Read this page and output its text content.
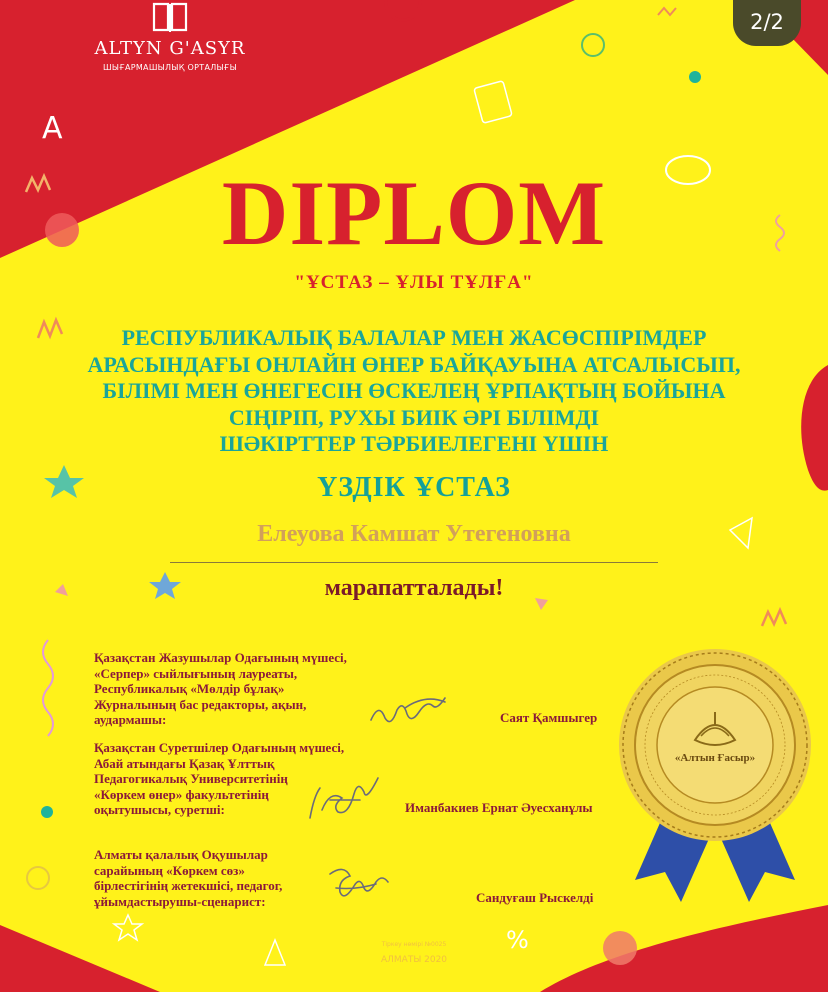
A
%
ALTYN G'ASYR
ШЫҒАРМАШЫЛЫҚ ОРТАЛЫҒЫ
2/2
DIPLOM
"ҰСТАЗ – ҰЛЫ ТҰЛҒА"
РЕСПУБЛИКАЛЫҚ БАЛАЛАР МЕН ЖАСӨСПІРІМДЕР
АРАСЫНДАҒЫ ОНЛАЙН ӨНЕР БАЙҚАУЫНА АТСАЛЫСЫП,
БІЛІМІ МЕН ӨНЕГЕСІН ӨСКЕЛЕҢ ҰРПАҚТЫҢ БОЙЫНА
СІҢІРІП, РУХЫ БИІК ӘРІ БІЛІМДІ
ШӘКІРТТЕР ТӘРБИЕЛЕГЕНІ ҮШІН
ҮЗДІК ҰСТАЗ
Елеуова Камшат Утегеновна
марапатталады!
Қазақстан Жазушылар Одағының мүшесі,
«Серпер» сыйлығының лауреаты,
Республикалық «Мөлдір бұлақ»
Журналының бас редакторы, ақын,
аудармашы:	Саят Қамшыгер
Қазақстан Суретшілер Одағының мүшесі,
Абай атындағы Қазақ Ұлттық
Педагогикалық Университетінің
«Көркем өнер» факультетінің
оқытушысы, суретші:	Иманбакиев Ернат Әуесханұлы
Алматы қалалық Оқушылар
сарайының «Көркем сөз»
бірлестігінің жетекшісі, педагог,
ұйымдастырушы-сценарист:	Сандуғаш Рыскелді
«Алтын Ғасыр»
Тіркеу нөмірі №0025
АЛМАТЫ 2020
